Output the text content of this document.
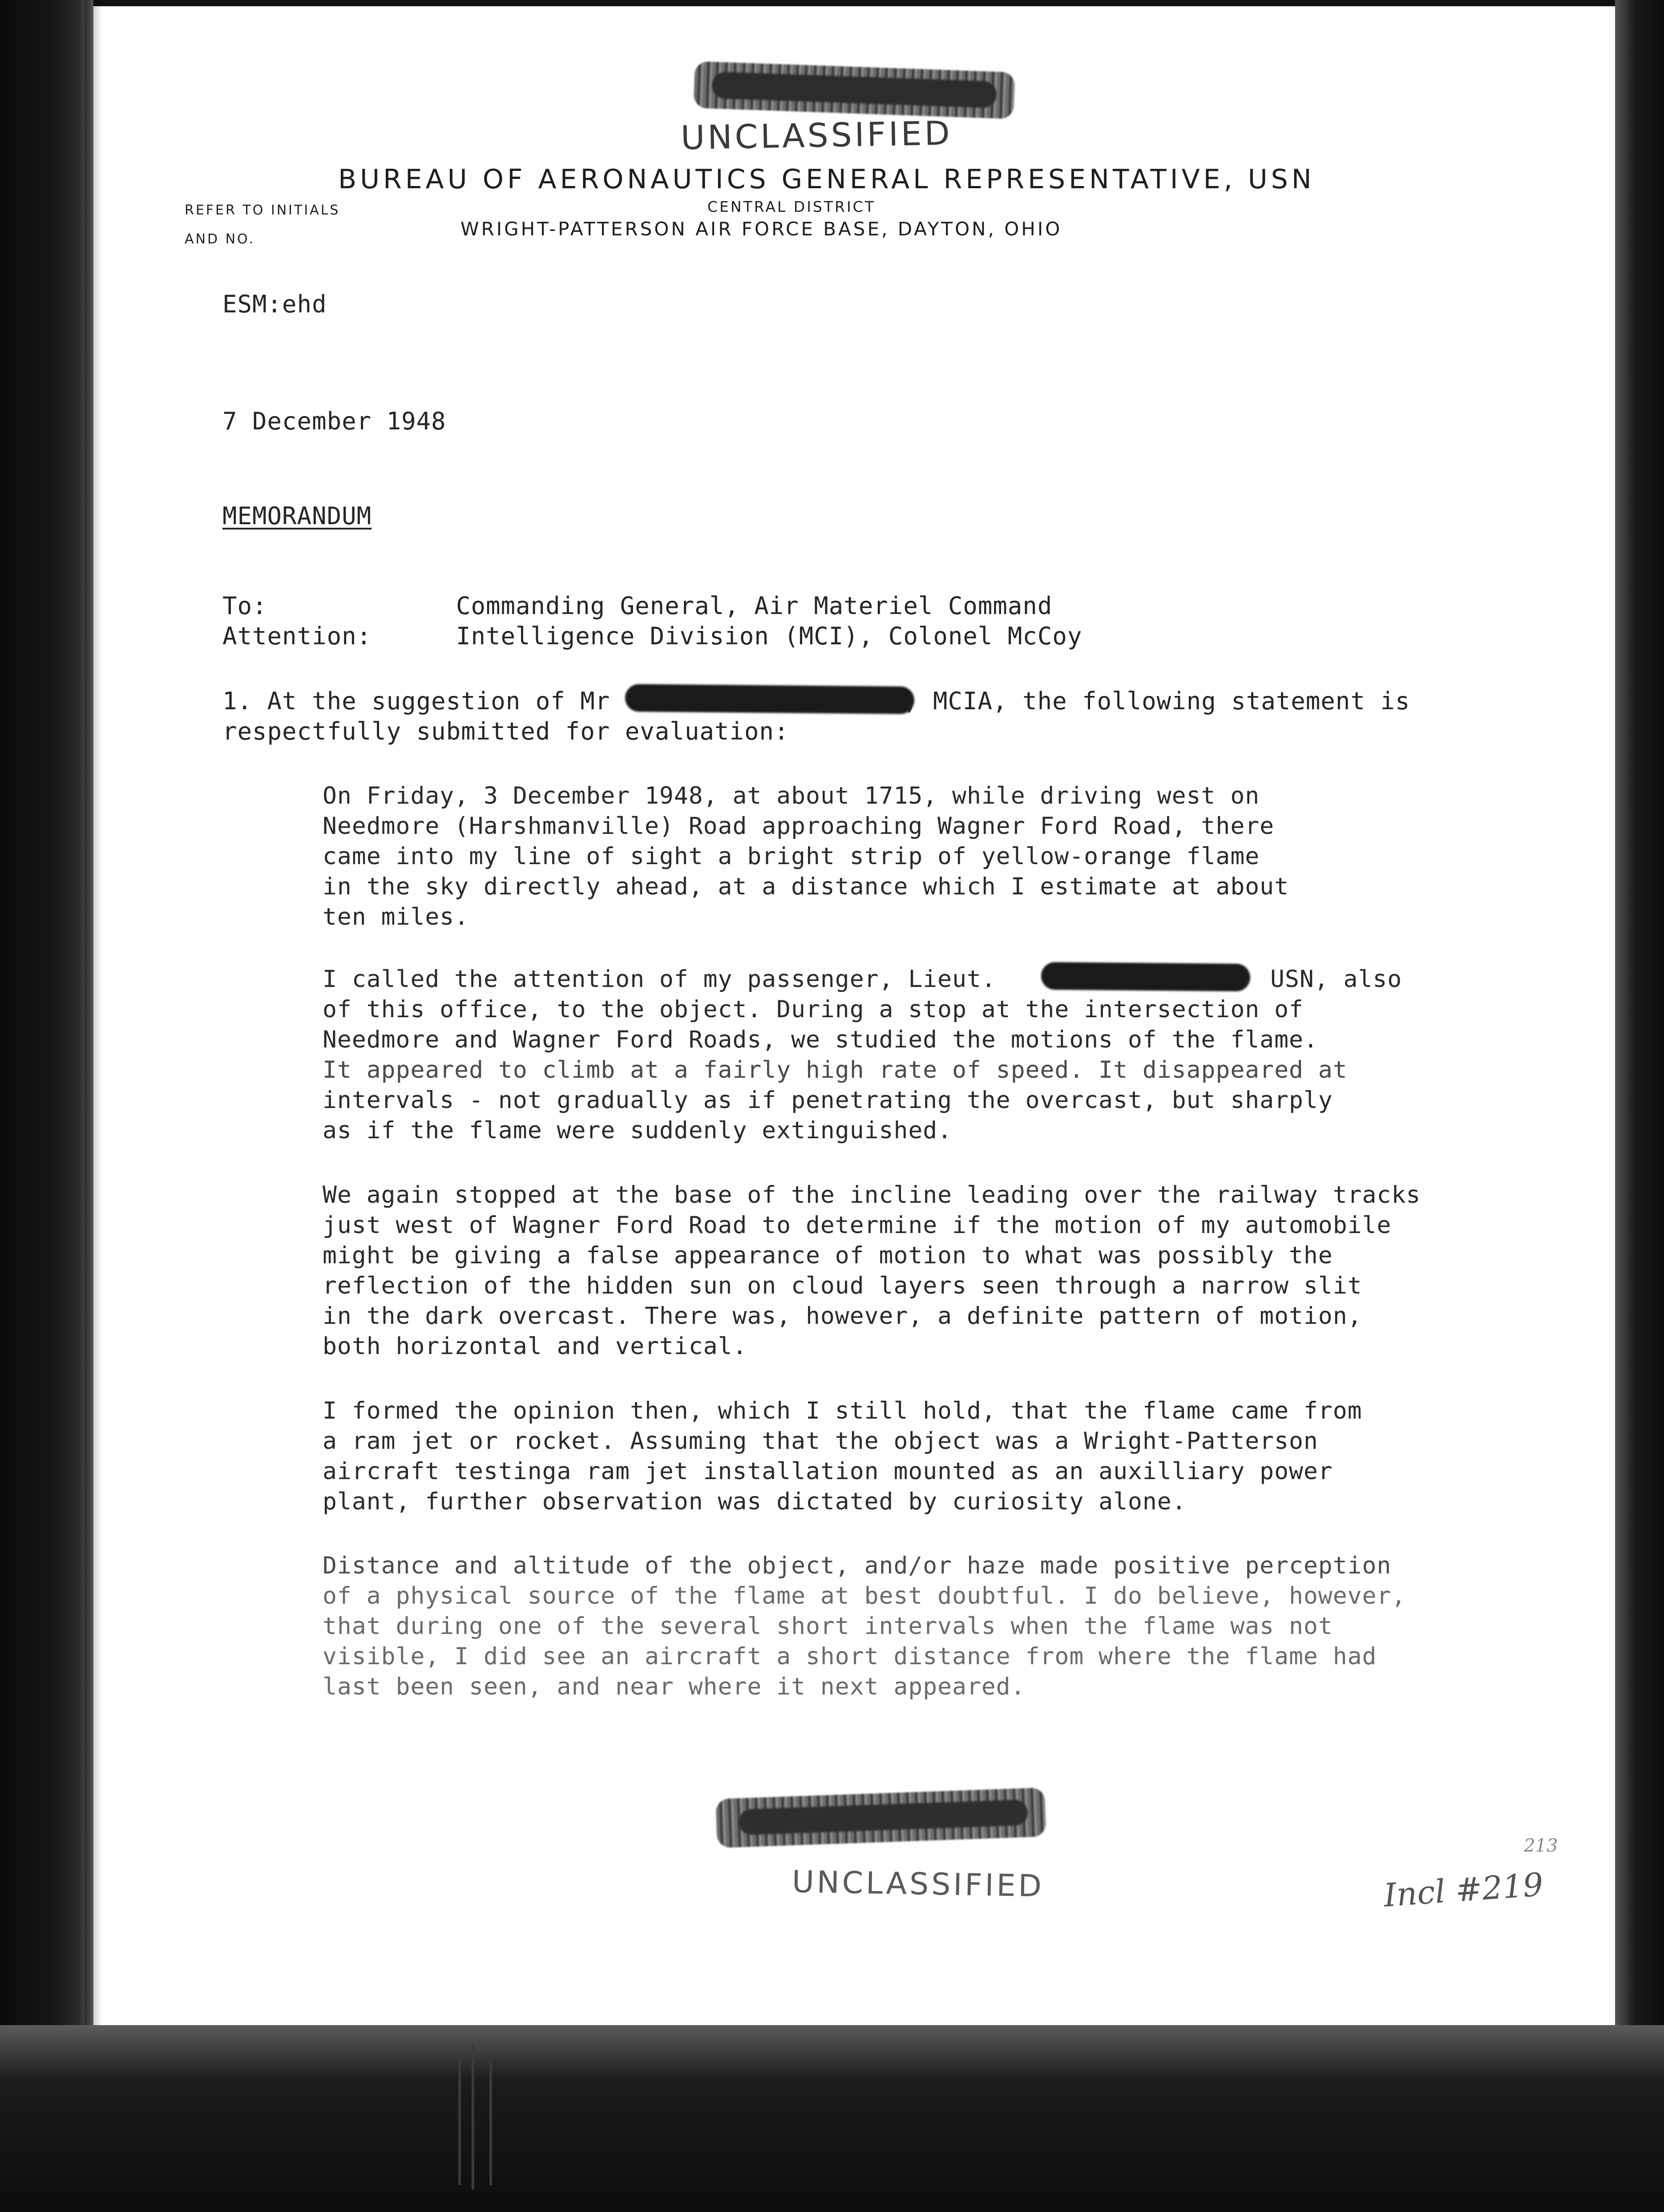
UNCLASSIFIED
BUREAU OF AERONAUTICS GENERAL REPRESENTATIVE, USN
CENTRAL DISTRICT
WRIGHT-PATTERSON AIR FORCE BASE, DAYTON, OHIO
REFER TO INITIALS
AND NO.
ESM:ehd
7 December 1948
MEMORANDUM
To:	Commanding General, Air Materiel Command
Attention:	Intelligence Division (MCI), Colonel McCoy
1. At the suggestion of Mr	, MCIA, the following statement is
respectfully submitted for evaluation:
On Friday, 3 December 1948, at about 1715, while driving west on
Needmore (Harshmanville) Road approaching Wagner Ford Road, there
came into my line of sight a bright strip of yellow-orange flame
in the sky directly ahead, at a distance which I estimate at about
ten miles.
I called the attention of my passenger, Lieut.	USN, also
of this office, to the object. During a stop at the intersection of
Needmore and Wagner Ford Roads, we studied the motions of the flame.
It appeared to climb at a fairly high rate of speed. It disappeared at
intervals - not gradually as if penetrating the overcast, but sharply
as if the flame were suddenly extinguished.
We again stopped at the base of the incline leading over the railway tracks
just west of Wagner Ford Road to determine if the motion of my automobile
might be giving a false appearance of motion to what was possibly the
reflection of the hidden sun on cloud layers seen through a narrow slit
in the dark overcast. There was, however, a definite pattern of motion,
both horizontal and vertical.
I formed the opinion then, which I still hold, that the flame came from
a ram jet or rocket. Assuming that the object was a Wright-Patterson
aircraft testinga ram jet installation mounted as an auxilliary power
plant, further observation was dictated by curiosity alone.
Distance and altitude of the object, and/or haze made positive perception
of a physical source of the flame at best doubtful. I do believe, however,
that during one of the several short intervals when the flame was not
visible, I did see an aircraft a short distance from where the flame had
last been seen, and near where it next appeared.
UNCLASSIFIED
213
Incl #219
